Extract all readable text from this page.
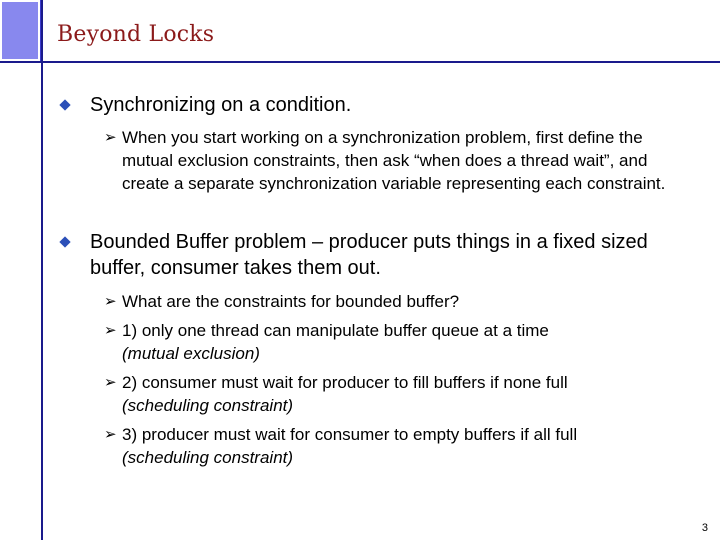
Beyond Locks
Synchronizing on a condition.
➢ When you start working on a synchronization problem, first define the mutual exclusion constraints, then ask “when does a thread wait”, and create a separate synchronization variable representing each constraint.
Bounded Buffer problem – producer puts things in a fixed sized buffer, consumer takes them out.
➢ What are the constraints for bounded buffer?
➢ 1) only one thread can manipulate buffer queue at a time
(mutual exclusion)
➢ 2) consumer must wait for producer to fill buffers if none full
(scheduling constraint)
➢ 3) producer must wait for consumer to empty buffers if all full
(scheduling constraint)
3
